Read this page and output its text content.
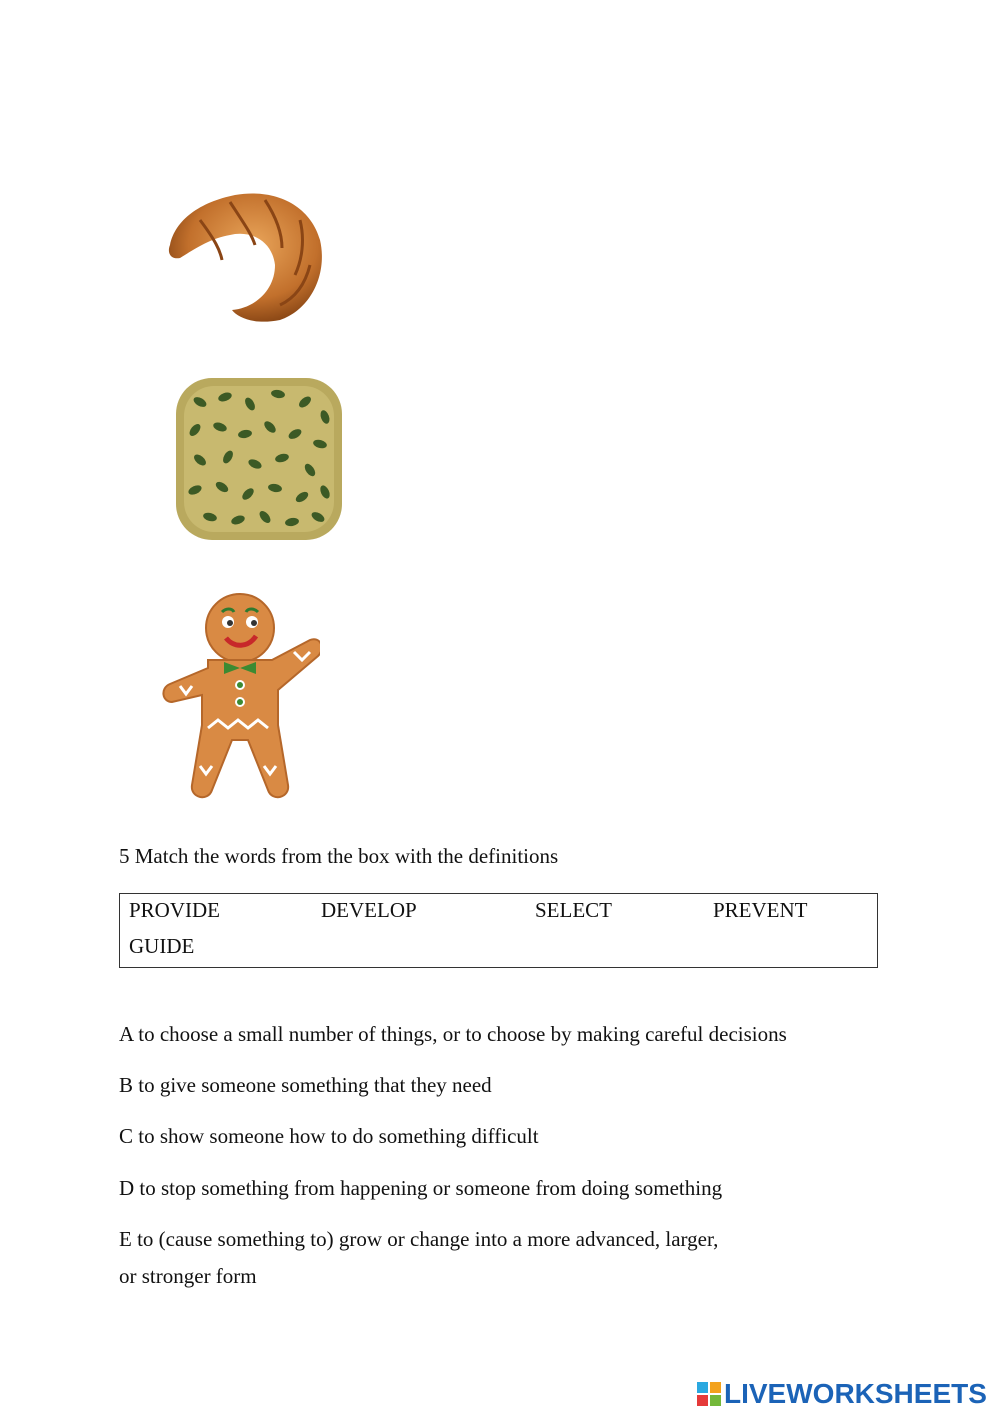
5 Match the words from the box with the definitions
PROVIDE	DEVELOP	SELECT	PREVENT
GUIDE
A to choose a small number of things, or to choose by making careful decisions
B to give someone something that they need
C to show someone how to do something difficult
D to stop something from happening or someone from doing something
E to (cause something to) grow or change into a more advanced, larger,
or stronger form
LIVEWORKSHEETS
